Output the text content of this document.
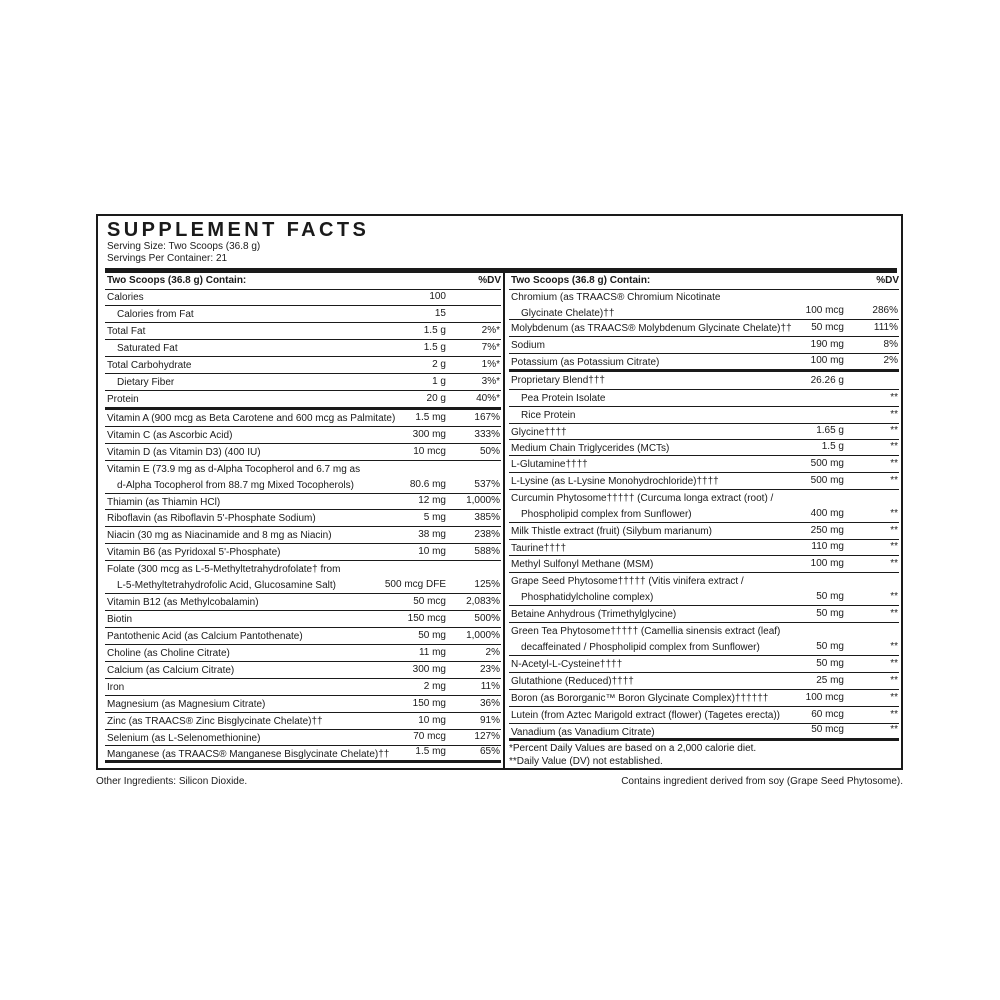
SUPPLEMENT FACTS
Serving Size: Two Scoops (36.8 g)
Servings Per Container: 21
Two Scoops (36.8 g) Contain:	%DV
Calories	100
Calories from Fat	15
Total Fat	1.5 g	2%*
Saturated Fat	1.5 g	7%*
Total Carbohydrate	2 g	1%*
Dietary Fiber	1 g	3%*
Protein	20 g	40%*
Vitamin A (900 mcg as Beta Carotene and 600 mcg as Palmitate) 1.5 mg	167%
Vitamin C (as Ascorbic Acid)	300 mg	333%
Vitamin D (as Vitamin D3) (400 IU)	10 mcg	50%
Vitamin E (73.9 mg as d-Alpha Tocopherol and 6.7 mg as
d-Alpha Tocopherol from 88.7 mg Mixed Tocopherols)	80.6 mg	537%
Thiamin (as Thiamin HCl)	12 mg 1,000%
Riboflavin (as Riboflavin 5'-Phosphate Sodium)	5 mg	385%
Niacin (30 mg as Niacinamide and 8 mg as Niacin)	38 mg	238%
Vitamin B6 (as Pyridoxal 5'-Phosphate)	10 mg	588%
Folate (300 mcg as L-5-Methyltetrahydrofolate† from
L-5-Methyltetrahydrofolic Acid, Glucosamine Salt)	500 mcg DFE	125%
Vitamin B12 (as Methylcobalamin)	50 mcg 2,083%
Biotin	150 mcg	500%
Pantothenic Acid (as Calcium Pantothenate)	50 mg 1,000%
Choline (as Choline Citrate)	11 mg	2%
Calcium (as Calcium Citrate)	300 mg	23%
Iron	2 mg	11%
Magnesium (as Magnesium Citrate)	150 mg	36%
Zinc (as TRAACS® Zinc Bisglycinate Chelate)††	10 mg	91%
Selenium (as L-Selenomethionine)	70 mcg	127%
Manganese (as TRAACS® Manganese Bisglycinate Chelate)††	1.5 mg	65%
Two Scoops (36.8 g) Contain:	%DV
Chromium (as TRAACS® Chromium Nicotinate
Glycinate Chelate)††	100 mcg	286%
Molybdenum (as TRAACS® Molybdenum Glycinate Chelate)†† 50 mcg	111%
Sodium	190 mg	8%
Potassium (as Potassium Citrate)	100 mg	2%
Proprietary Blend†††	26.26 g
Pea Protein Isolate	**
Rice Protein	**
Glycine††††	1.65 g	**
Medium Chain Triglycerides (MCTs)	1.5 g	**
L-Glutamine††††	500 mg	**
L-Lysine (as L-Lysine Monohydrochloride)††††	500 mg	**
Curcumin Phytosome††††† (Curcuma longa extract (root) /
Phospholipid complex from Sunflower)	400 mg	**
Milk Thistle extract (fruit) (Silybum marianum)	250 mg	**
Taurine††††	110 mg	**
Methyl Sulfonyl Methane (MSM)	100 mg	**
Grape Seed Phytosome††††† (Vitis vinifera extract /
Phosphatidylcholine complex)	50 mg	**
Betaine Anhydrous (Trimethylglycine)	50 mg	**
Green Tea Phytosome††††† (Camellia sinensis extract (leaf)
decaffeinated / Phospholipid complex from Sunflower)	50 mg	**
N-Acetyl-L-Cysteine††††	50 mg	**
Glutathione (Reduced)††††	25 mg	**
Boron (as Bororganic™ Boron Glycinate Complex)††††††	100 mcg	**
Lutein (from Aztec Marigold extract (flower) (Tagetes erecta))	60 mcg	**
Vanadium (as Vanadium Citrate)	50 mcg	**
*Percent Daily Values are based on a 2,000 calorie diet.
**Daily Value (DV) not established.
Other Ingredients: Silicon Dioxide.	Contains ingredient derived from soy (Grape Seed Phytosome).
